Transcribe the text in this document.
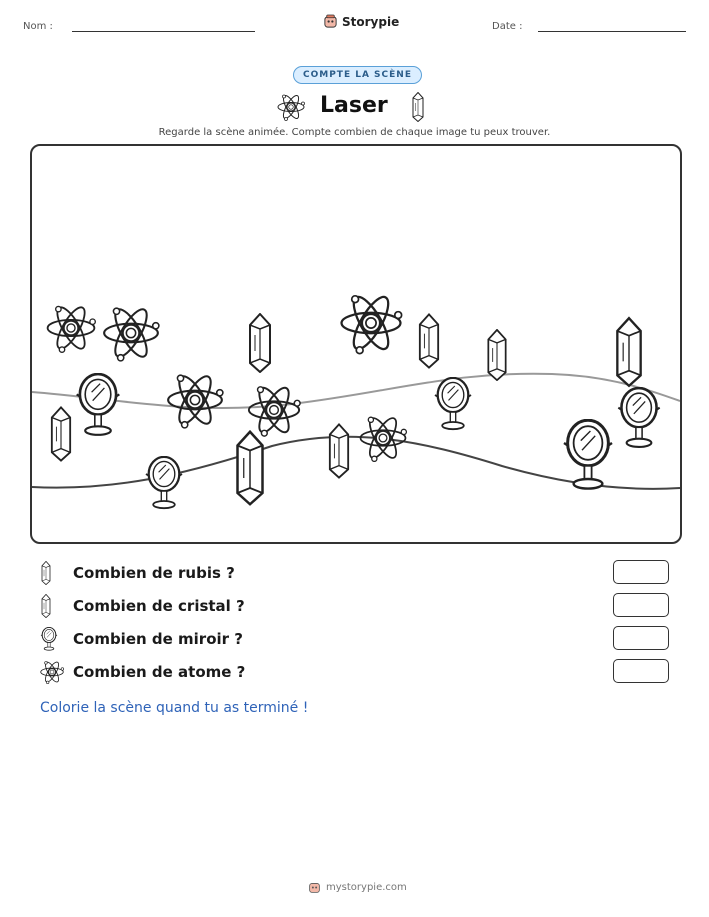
Nom :	Storypie	Date :
COMPTE LA SCÈNE
Laser
Regarde la scène animée. Compte combien de chaque image tu peux trouver.
Combien de rubis ?
Combien de cristal ?
Combien de miroir ?
Combien de atome ?
Colorie la scène quand tu as terminé !
mystorypie.com
